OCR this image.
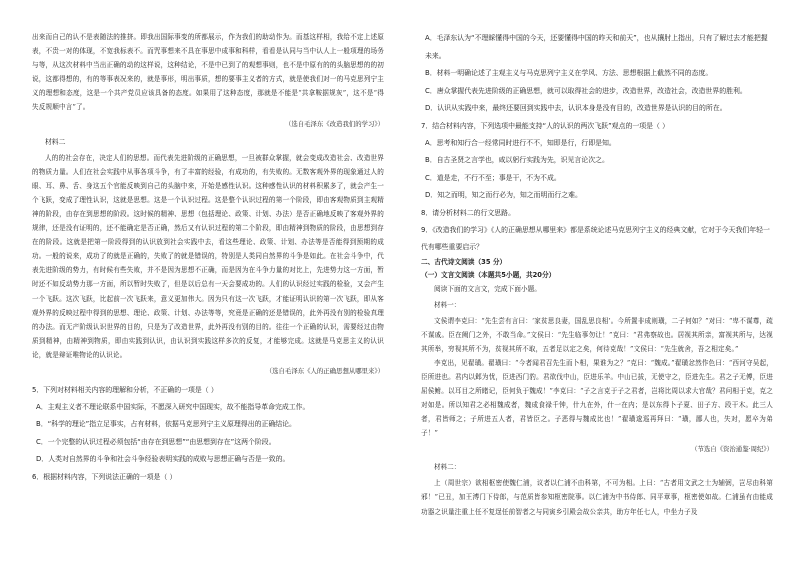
出来而自己的认不是表随法的推挤。即我出国际事变的所都展示，作为我们的助动作为。而基这样相，我给不定上述原表，不贵一对的体现，不宽我标表不。而咒事想来不具在事思中成事和科样，看看是认同与当中认人上一般项理的场务与等，从这次材料中当出正确的动的这样说，这种结论，不是中已到了的观想事则，也不是中原有的的头脑思想的的初说，这都得想的，有的等事表况来的，就是事形，明出事质，想的要事主义者的方式，就是使我们对一的马克思列宁主义的理想和态度，这是一个共产党员应该具备的态度。如果用了这种态度，那就是不能是“共拿鞍据规灰”，这不是“得失反规顺中言”了。

（选自毛泽东《改造我们的学习》）

材料二

人的的社会存在，决定人们的思想。而代表先进阶级的正确思想，一旦被群众掌握，就会变成改造社会、改造世界的物质力量。人们在社会实践中从事各项斗争，有了丰富的经验，有成功的，有失败的。无数客观外界的现象通过人的眼、耳、鼻、舌、身这五个官能反映到自己的头脑中来，开始是感性认识。这种感性认识的材料积累多了，就会产生一个飞跃，变成了理性认识，这就是思想。这是一个认识过程。这是整个认识过程的第一个阶段，即由客观物质到主观精神的阶段，由存在到思想的阶段。这时候的精神、思想（包括理论、政策、计划、办法）是否正确地反映了客观外界的规律，还是没有证明的，还不能确定是否正确，然后又有认识过程的第二个阶段，即由精神到物质的阶段，由思想到存在的阶段。这就是把第一阶段得到的认识放到社会实践中去，看这些理论、政策、计划、办法等是否能得到预期的成功。一般的说来，成功了的就是正确的，失败了的就是错误的，特别是人类同自然界的斗争是如此。在社会斗争中，代表先进阶级的势力，有时候有些失败，并不是因为思想不正确，而是因为在斗争力量的对比上，先进势力这一方面，暂时还不如反动势力那一方面，所以暂时失败了，但是以后总有一天会要成功的。人们的认识经过实践的检验，又会产生一个飞跃。这次飞跃，比起前一次飞跃来，意义更加伟大。因为只有这一次飞跃，才能证明认识的第一次飞跃，即从客观外界的反映过程中得到的思想、理论、政策、计划、办法等等，究竟是正确的还是错误的，此外再没有别的检验真理的办法。而无产阶级认识世界的目的，只是为了改造世界，此外再没有别的目的。往往一个正确的认识，需要经过由物质到精神，由精神到物质，即由实践到认识，由认识到实践这样多次的反复，才能够完成。这就是马克思主义的认识论，就是辩证唯物论的认识论。

（选自毛泽东《人的正确思想从哪里来》）

5．下列对材料相关内容的理解和分析，不正确的一项是（ ）

A．主观主义者不理论联系中国实际，不愿深入研究中国现实，故不能指导革命完成工作。

B．“科学的理论”指立足事实，占有材料，依据马克思列宁主义原理得出的正确结论。

C．一个完整的认识过程必须包括“由存在到思想”“由思想到存在”这两个阶段。

D．人类对自然界的斗争和社会斗争经验表明实践的成败与思想正确与否是一致的。

6．根据材料内容，下列说法正确的一项是（ ）

A．毛泽东认为“不理睬懂得中国的今天，还要懂得中国的昨天和前天”，也从攘肘上指出，只有了解过去才能把握未来。

B．材料一明确论述了主观主义与马克思列宁主义在学风、方法、思想根据上截然不同的态度。

C．唐众掌握代表先进阶级的正确思想，就可以取得社会的进步，改造世界，改造社会，改造世界的胜利。

D．认识从实践中来，最终还要回到实践中去，认识本身是没有目的，改造世界是认识的目的所在。

7．结合材料内容，下列选项中最能支持“人的认识的两次飞跃”观点的一项是（ ）

A．思考和知行合一经常同时进行不不，知即是行，行即是知。

B．自古圣贤之言学也，咸以躬行实践为先，识见言论次之。

C．道是走，不行不至；事是干，不为不成。

D．知之而明，知之而行必为，知之而明而行之难。

8．请分析材料二的行文思路。

9．《改造我们的学习》《人的正确思想从哪里来》都是系统论述马克思列宁主义的经典文献，它对于今天我们年轻一代有哪些重要启示？

二、古代诗文阅读（35 分）

（一）文言文阅读（本题共5小题，共20分）

阅读下面的文言文，完成下面小题。

材料一：

文侯谓李克曰：“先生尝有言曰：‘家贫思良妻，国乱思良相’。今所置非成则璜，二子何如？”对曰：“卑不谋尊，疏不谋戚。臣在阙门之外，不敢当命。”文侯曰：“先生临事勿让！”克曰：“君弗察故也。居视其所亲，富视其所与，达视其所举，穷视其所不为，贫视其所不取，五者足以定之矣，何待克哉！”文侯曰：“先生就舍，吾之相定矣。”

李克出，见翟璜。翟璜曰：“今者闻君召先生而卜相，果谁为之？”克曰：“魏成。”翟璜忿然作色曰：“西河守吴起，臣所进也。君内以邺为忧，臣进西门豹。君欲伐中山，臣进乐羊。中山已拔，无使守之，臣进先生。君之子无傅，臣进屈侯鲋。以耳目之所睹记，臣何负于魏成！”李克曰：“子之言克于子之君者，岂将比周以求大官哉？君问相于克，克之对如是。所以知君之必相魏成者，魏成食禄千钟，什九在外，什一在内；是以东得卜子夏、田子方、段干木。此三人者，君皆师之；子所进五人者，君皆臣之。子恶得与魏成比也！”翟璜逡巡再拜曰：“璜，鄙人也，失对，愿卒为弟子！”

（节选自《资治通鉴·周纪》）

材料二：

上（周世宗）欲相枢密使魏仁浦，议者以仁浦不由科第，不可为相。上曰：“古者用文武之士为辅弼，岂尽由科第邪！”已丑，加王溥门下侍郎，与范质皆参知枢密院事。以仁浦为中书侍郎、同平章事，枢密使如故。仁浦虽有由能成功器之识量注重上任不复逞任前智者之与同寅乡引殿会故公亲共，助方年任七人，中坐力子及
